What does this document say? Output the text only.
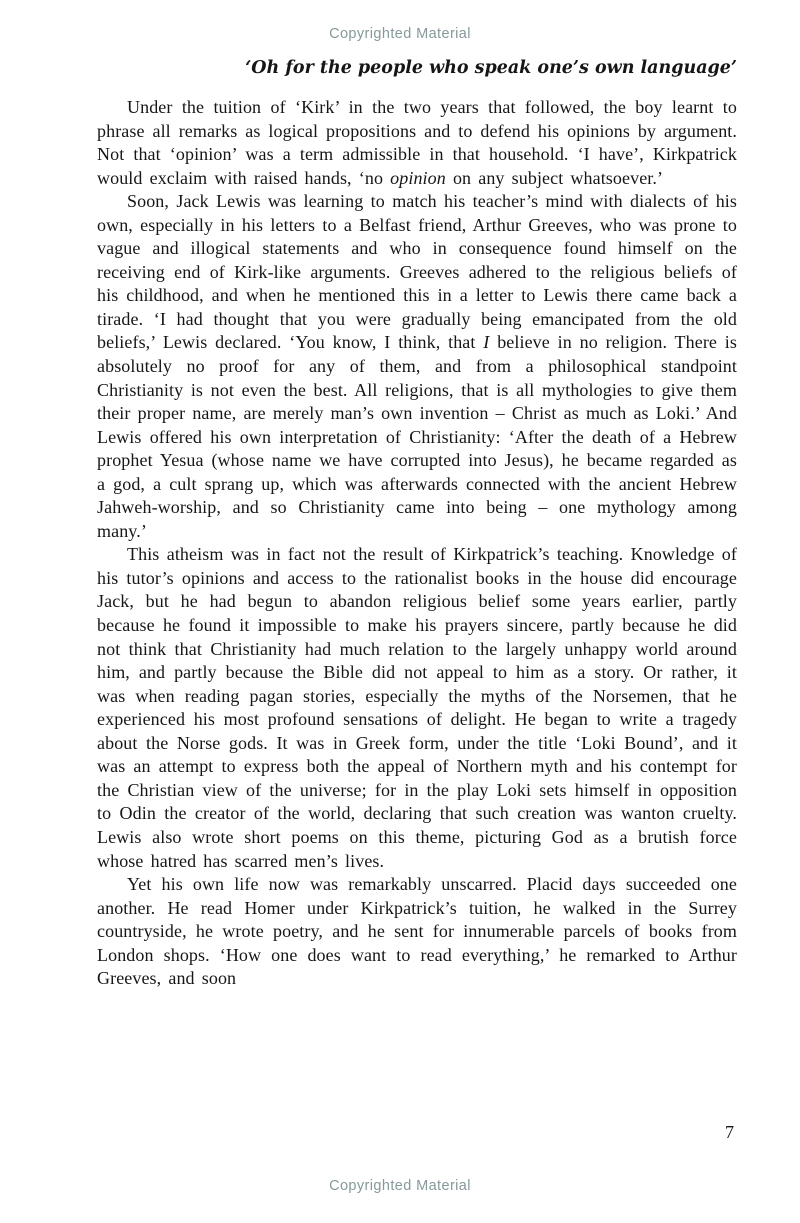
Copyrighted Material
‘Oh for the people who speak one’s own language’

Under the tuition of ‘Kirk’ in the two years that followed, the boy learnt to phrase all remarks as logical propositions and to defend his opinions by argument. Not that ‘opinion’ was a term admissible in that household. ‘I have’, Kirkpatrick would exclaim with raised hands, ‘no opinion on any subject whatsoever.’

Soon, Jack Lewis was learning to match his teacher’s mind with dialects of his own, especially in his letters to a Belfast friend, Arthur Greeves, who was prone to vague and illogical statements and who in consequence found himself on the receiving end of Kirk-like arguments. Greeves adhered to the religious beliefs of his childhood, and when he mentioned this in a letter to Lewis there came back a tirade. ‘I had thought that you were gradually being emancipated from the old beliefs,’ Lewis declared. ‘You know, I think, that I believe in no religion. There is absolutely no proof for any of them, and from a philosophical standpoint Christianity is not even the best. All religions, that is all mythologies to give them their proper name, are merely man’s own invention – Christ as much as Loki.’ And Lewis offered his own interpretation of Christianity: ‘After the death of a Hebrew prophet Yesua (whose name we have corrupted into Jesus), he became regarded as a god, a cult sprang up, which was afterwards connected with the ancient Hebrew Jahweh-worship, and so Christianity came into being – one mythology among many.’

This atheism was in fact not the result of Kirkpatrick’s teaching. Knowledge of his tutor’s opinions and access to the rationalist books in the house did encourage Jack, but he had begun to abandon religious belief some years earlier, partly because he found it impossible to make his prayers sincere, partly because he did not think that Christianity had much relation to the largely unhappy world around him, and partly because the Bible did not appeal to him as a story. Or rather, it was when reading pagan stories, especially the myths of the Norsemen, that he experienced his most profound sensations of delight. He began to write a tragedy about the Norse gods. It was in Greek form, under the title ‘Loki Bound’, and it was an attempt to express both the appeal of Northern myth and his contempt for the Christian view of the universe; for in the play Loki sets himself in opposition to Odin the creator of the world, declaring that such creation was wanton cruelty. Lewis also wrote short poems on this theme, picturing God as a brutish force whose hatred has scarred men’s lives.

Yet his own life now was remarkably unscarred. Placid days succeeded one another. He read Homer under Kirkpatrick’s tuition, he walked in the Surrey countryside, he wrote poetry, and he sent for innumerable parcels of books from London shops. ‘How one does want to read everything,’ he remarked to Arthur Greeves, and soon

7
Copyrighted Material
